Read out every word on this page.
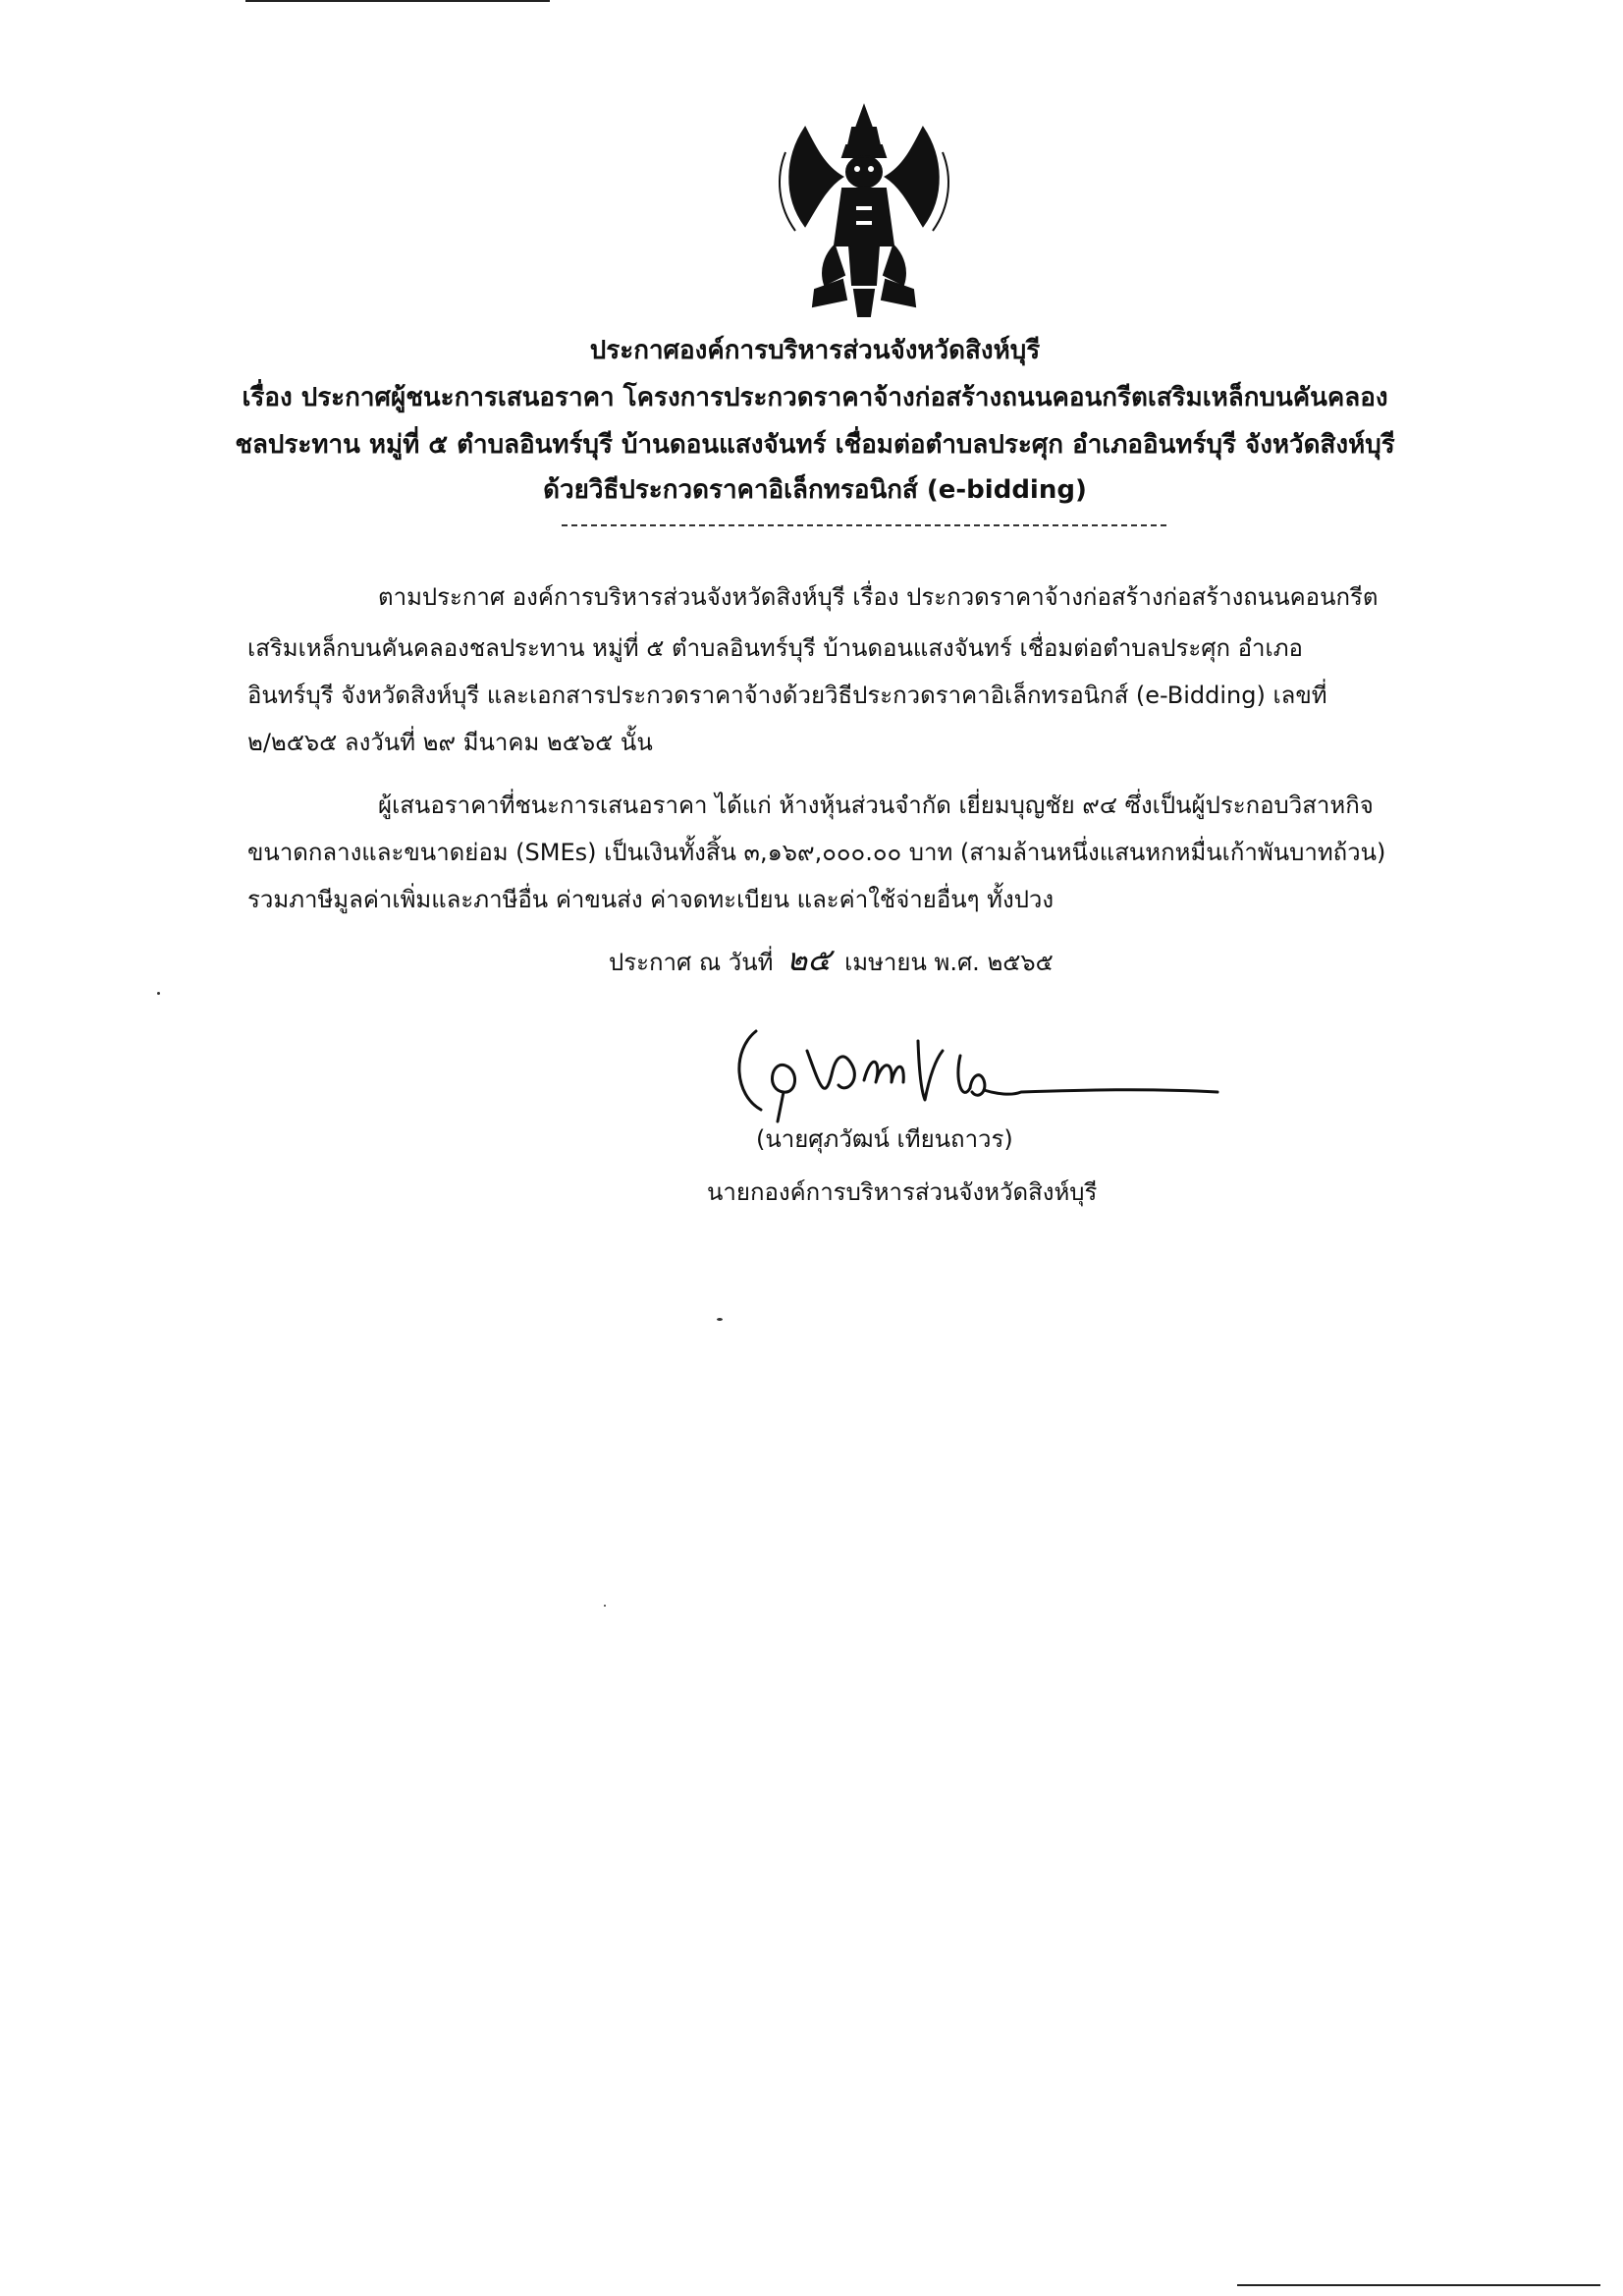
ประกาศองค์การบริหารส่วนจังหวัดสิงห์บุรี
เรื่อง ประกาศผู้ชนะการเสนอราคา โครงการประกวดราคาจ้างก่อสร้างถนนคอนกรีตเสริมเหล็กบนคันคลอง
ชลประทาน หมู่ที่ ๕ ตำบลอินทร์บุรี บ้านดอนแสงจันทร์ เชื่อมต่อตำบลประศุก อำเภออินทร์บุรี จังหวัดสิงห์บุรี
ด้วยวิธีประกวดราคาอิเล็กทรอนิกส์ (e-bidding)
ตามประกาศ องค์การบริหารส่วนจังหวัดสิงห์บุรี เรื่อง ประกวดราคาจ้างก่อสร้างก่อสร้างถนนคอนกรีต
เสริมเหล็กบนคันคลองชลประทาน หมู่ที่ ๕ ตำบลอินทร์บุรี บ้านดอนแสงจันทร์ เชื่อมต่อตำบลประศุก อำเภอ
อินทร์บุรี จังหวัดสิงห์บุรี และเอกสารประกวดราคาจ้างด้วยวิธีประกวดราคาอิเล็กทรอนิกส์ (e-Bidding) เลขที่
๒/๒๕๖๕ ลงวันที่ ๒๙ มีนาคม ๒๕๖๕ นั้น
ผู้เสนอราคาที่ชนะการเสนอราคา ได้แก่ ห้างหุ้นส่วนจำกัด เยี่ยมบุญชัย ๙๔ ซึ่งเป็นผู้ประกอบวิสาหกิจ
ขนาดกลางและขนาดย่อม (SMEs) เป็นเงินทั้งสิ้น ๓,๑๖๙,๐๐๐.๐๐ บาท (สามล้านหนึ่งแสนหกหมื่นเก้าพันบาทถ้วน)
รวมภาษีมูลค่าเพิ่มและภาษีอื่น ค่าขนส่ง ค่าจดทะเบียน และค่าใช้จ่ายอื่นๆ ทั้งปวง
ประกาศ ณ วันที่ ๒๕ เมษายน พ.ศ. ๒๕๖๕
(นายศุภวัฒน์ เทียนถาวร)
นายกองค์การบริหารส่วนจังหวัดสิงห์บุรี
